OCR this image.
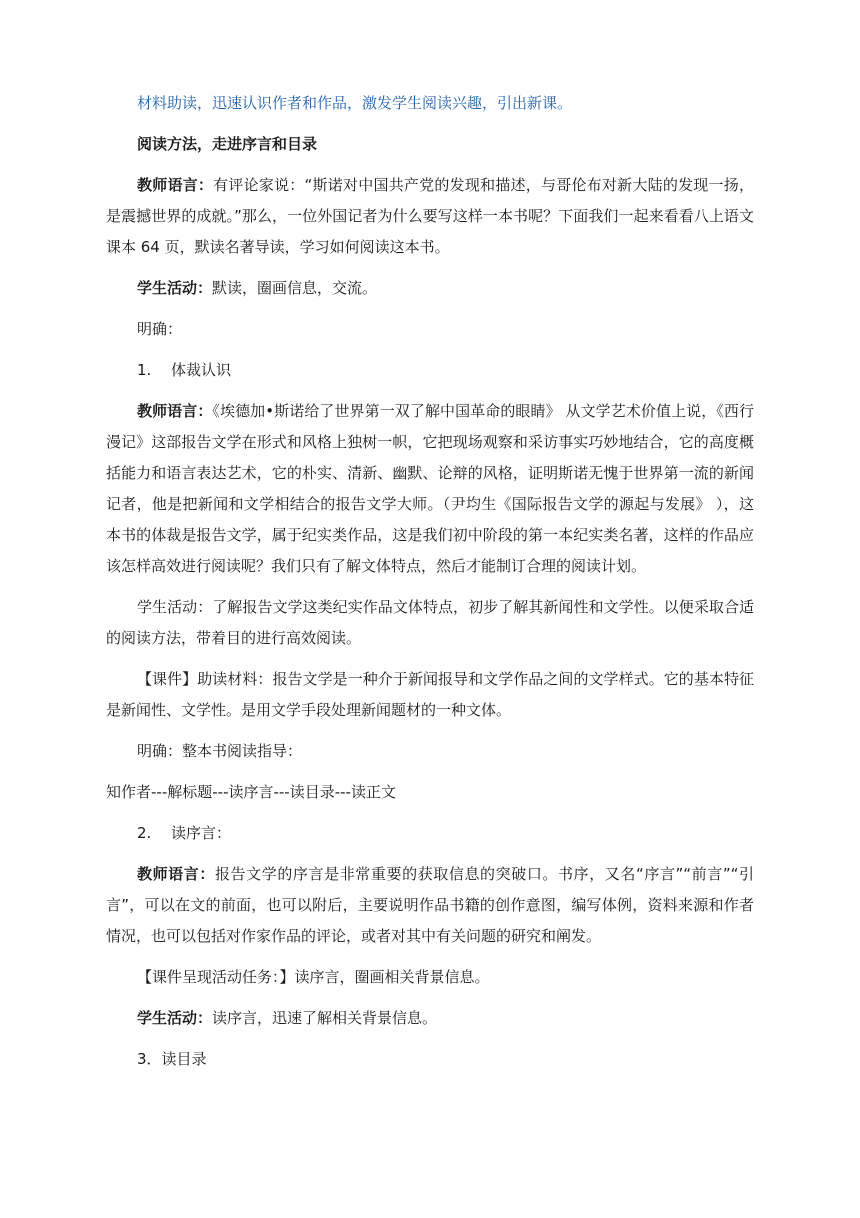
材料助读，迅速认识作者和作品，激发学生阅读兴趣，引出新课。

阅读方法，走进序言和目录

教师语言：有评论家说：“斯诺对中国共产党的发现和描述，与哥伦布对新大陆的发现一扬，是震撼世界的成就。”那么，一位外国记者为什么要写这样一本书呢？下面我们一起来看看八上语文课本 64 页，默读名著导读，学习如何阅读这本书。

学生活动：默读，圈画信息，交流。

明确：

1. 体裁认识

教师语言：《埃德加•斯诺给了世界第一双了解中国革命的眼睛》 从文学艺术价值上说，《西行漫记》这部报告文学在形式和风格上独树一帜，它把现场观察和采访事实巧妙地结合，它的高度概括能力和语言表达艺术，它的朴实、清新、幽默、论辩的风格，证明斯诺无愧于世界第一流的新闻记者，他是把新闻和文学相结合的报告文学大师。（尹均生《国际报告文学的源起与发展》 ），这本书的体裁是报告文学，属于纪实类作品，这是我们初中阶段的第一本纪实类名著，这样的作品应该怎样高效进行阅读呢？我们只有了解文体特点，然后才能制订合理的阅读计划。

学生活动：了解报告文学这类纪实作品文体特点，初步了解其新闻性和文学性。以便采取合适的阅读方法，带着目的进行高效阅读。

【课件】助读材料：报告文学是一种介于新闻报导和文学作品之间的文学样式。它的基本特征是新闻性、文学性。是用文学手段处理新闻题材的一种文体。

明确：整本书阅读指导：

知作者---解标题---读序言---读目录---读正文

2. 读序言：

教师语言：报告文学的序言是非常重要的获取信息的突破口。书序，又名“序言”“前言”“引言”，可以在文的前面，也可以附后，主要说明作品书籍的创作意图，编写体例，资料来源和作者情况，也可以包括对作家作品的评论，或者对其中有关问题的研究和阐发。

【课件呈现活动任务：】读序言，圈画相关背景信息。

学生活动：读序言，迅速了解相关背景信息。

3．读目录
